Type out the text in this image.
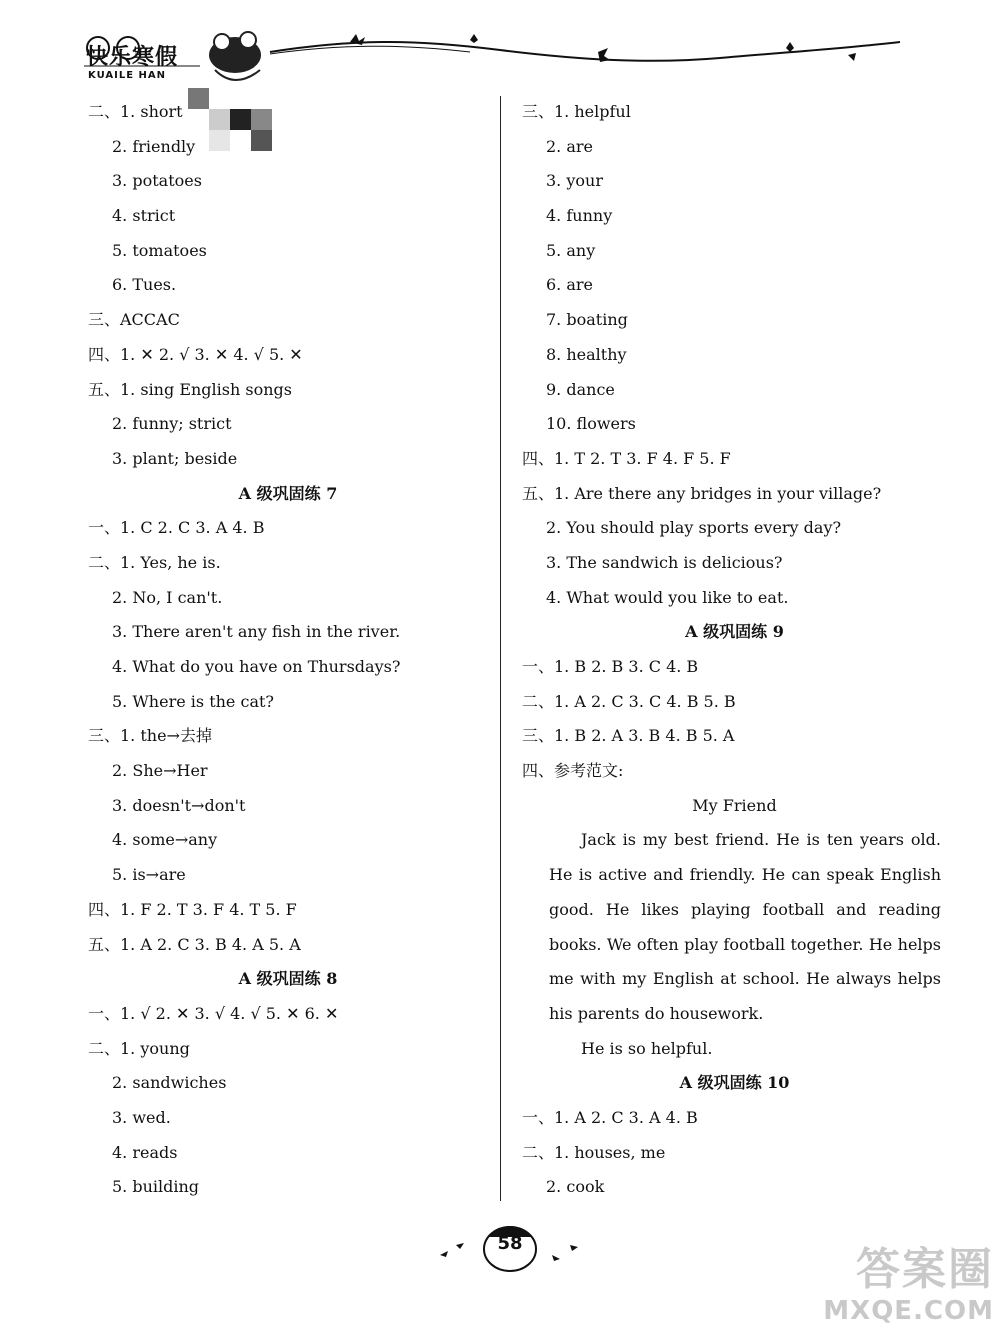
快乐寒假
KUAILE HAN
二、1. short
2. friendly
3. potatoes
4. strict
5. tomatoes
6. Tues.
三、ACCAC
四、1. ✕ 2. √ 3. ✕ 4. √ 5. ✕
五、1. sing English songs
2. funny; strict
3. plant; beside
A 级巩固练 7
一、1. C 2. C 3. A 4. B
二、1. Yes, he is.
2. No, I can't.
3. There aren't any fish in the river.
4. What do you have on Thursdays?
5. Where is the cat?
三、1. the→去掉
2. She→Her
3. doesn't→don't
4. some→any
5. is→are
四、1. F 2. T 3. F 4. T 5. F
五、1. A 2. C 3. B 4. A 5. A
A 级巩固练 8
一、1. √ 2. ✕ 3. √ 4. √ 5. ✕ 6. ✕
二、1. young
2. sandwiches
3. wed.
4. reads
5. building
三、1. helpful
2. are
3. your
4. funny
5. any
6. are
7. boating
8. healthy
9. dance
10. flowers
四、1. T 2. T 3. F 4. F 5. F
五、1. Are there any bridges in your village?
2. You should play sports every day?
3. The sandwich is delicious?
4. What would you like to eat.
A 级巩固练 9
一、1. B 2. B 3. C 4. B
二、1. A 2. C 3. C 4. B 5. B
三、1. B 2. A 3. B 4. B 5. A
四、参考范文:
My Friend

Jack is my best friend. He is ten years old. He is active and friendly. He can speak English good. He likes playing football and reading books. We often play football together. He helps me with my English at school. He always helps his parents do housework.

He is so helpful.

A 级巩固练 10
一、1. A 2. C 3. A 4. B
二、1. houses, me
2. cook
58
答案圈
MXQE.COM
